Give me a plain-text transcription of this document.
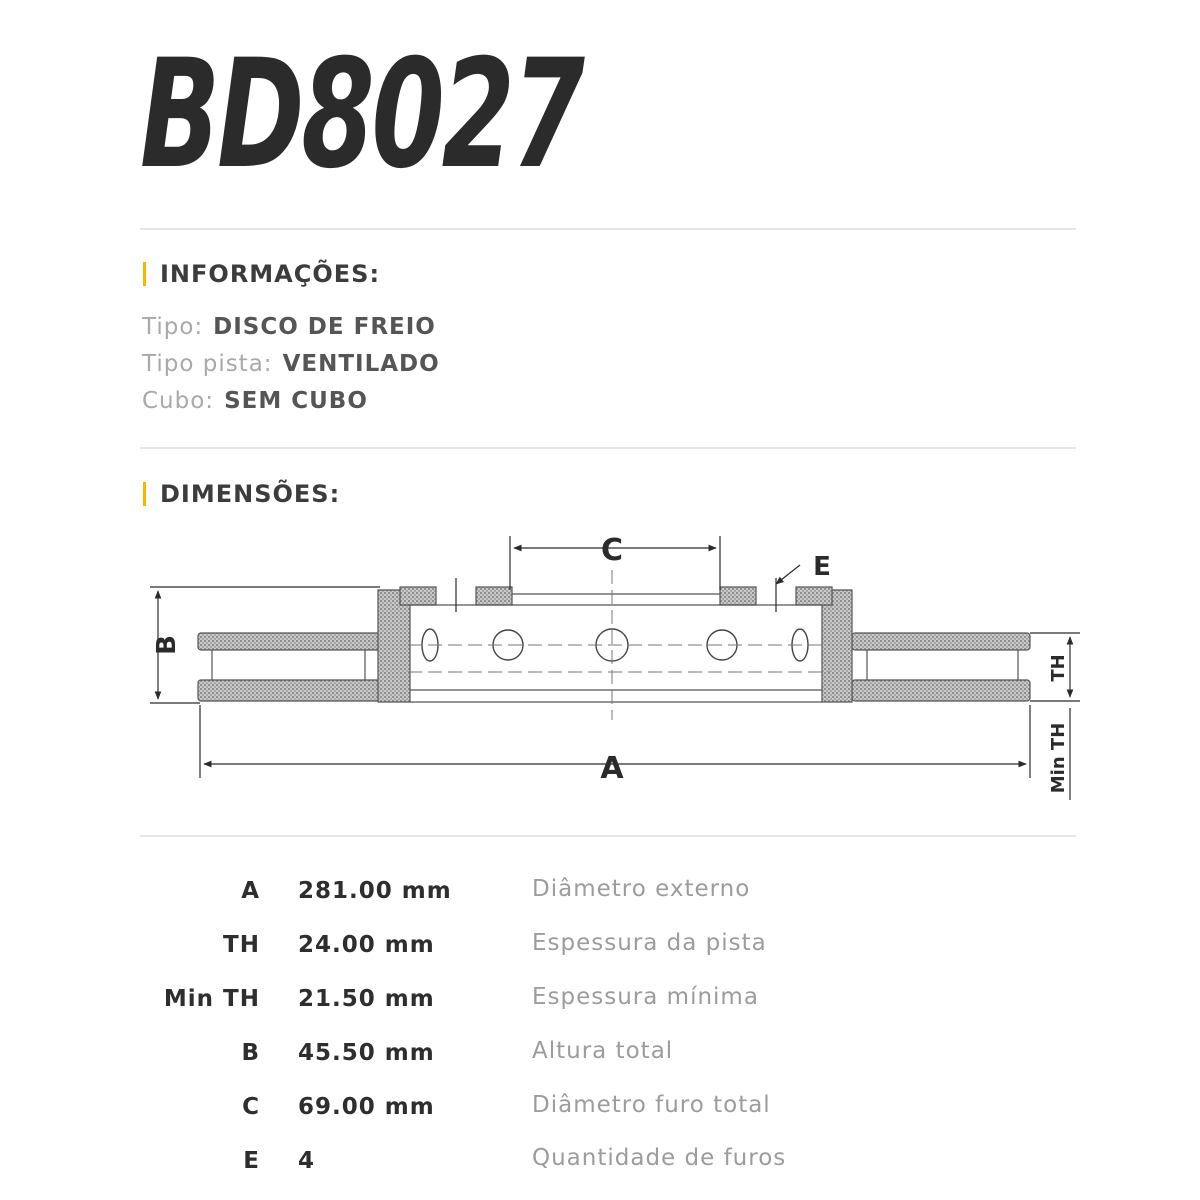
BD8027
INFORMAÇÕES:
Tipo: DISCO DE FREIO
Tipo pista: VENTILADO
Cubo: SEM CUBO
DIMENSÕES:
C	E
A
B
TH
Min TH
A 281.00 mm	Diâmetro externo
TH 24.00 mm	Espessura da pista
Min TH 21.50 mm	Espessura mínima
B 45.50 mm	Altura total
C 69.00 mm	Diâmetro furo total
E 4	Quantidade de furos
